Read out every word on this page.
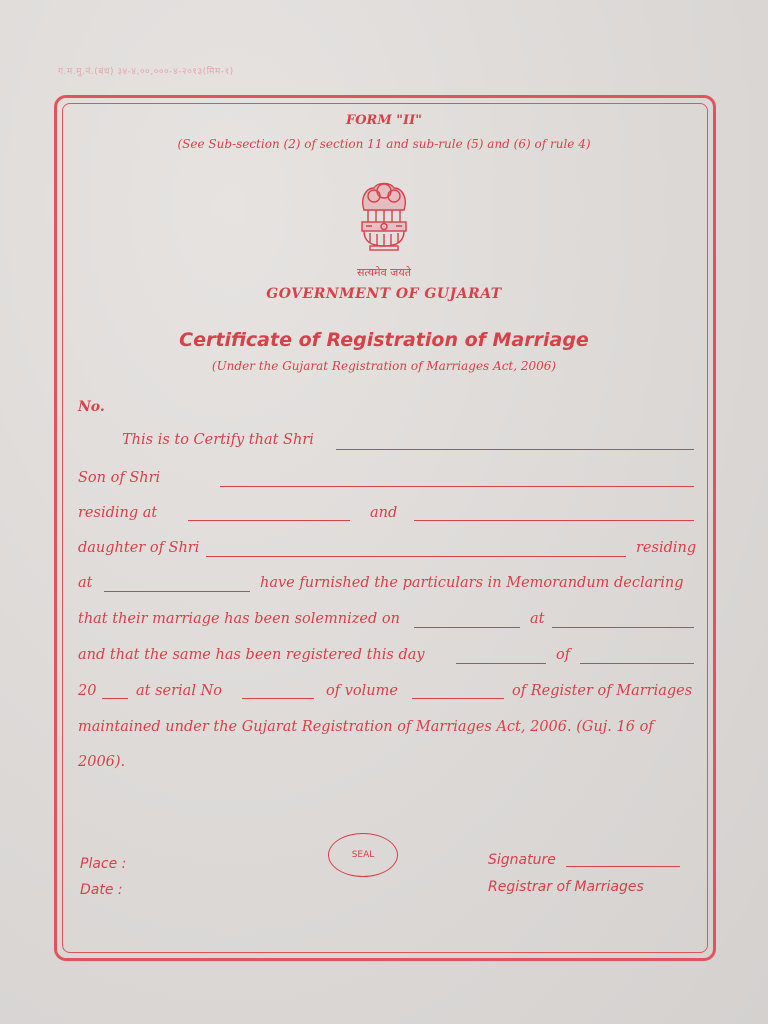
ग.म.मु.नं.(बंध) ३४-४,००,०००-४-२०१३(मिम-१)
FORM "II"
(See Sub-section (2) of section 11 and sub-rule (5) and (6) of rule 4)
सत्यमेव जयते
GOVERNMENT OF GUJARAT
Certificate of Registration of Marriage
(Under the Gujarat Registration of Marriages Act, 2006)
No.
This is to Certify that Shri
Son of Shri
residing at	and
daughter of Shri	residing
at	have furnished the particulars in Memorandum declaring
that their marriage has been solemnized on	at
and that the same has been registered this day	of
20	at serial No	of volume	of Register of Marriages
maintained under the Gujarat Registration of Marriages Act, 2006. (Guj. 16 of
2006).
SEAL
Place :
Date :
Signature
Registrar of Marriages
